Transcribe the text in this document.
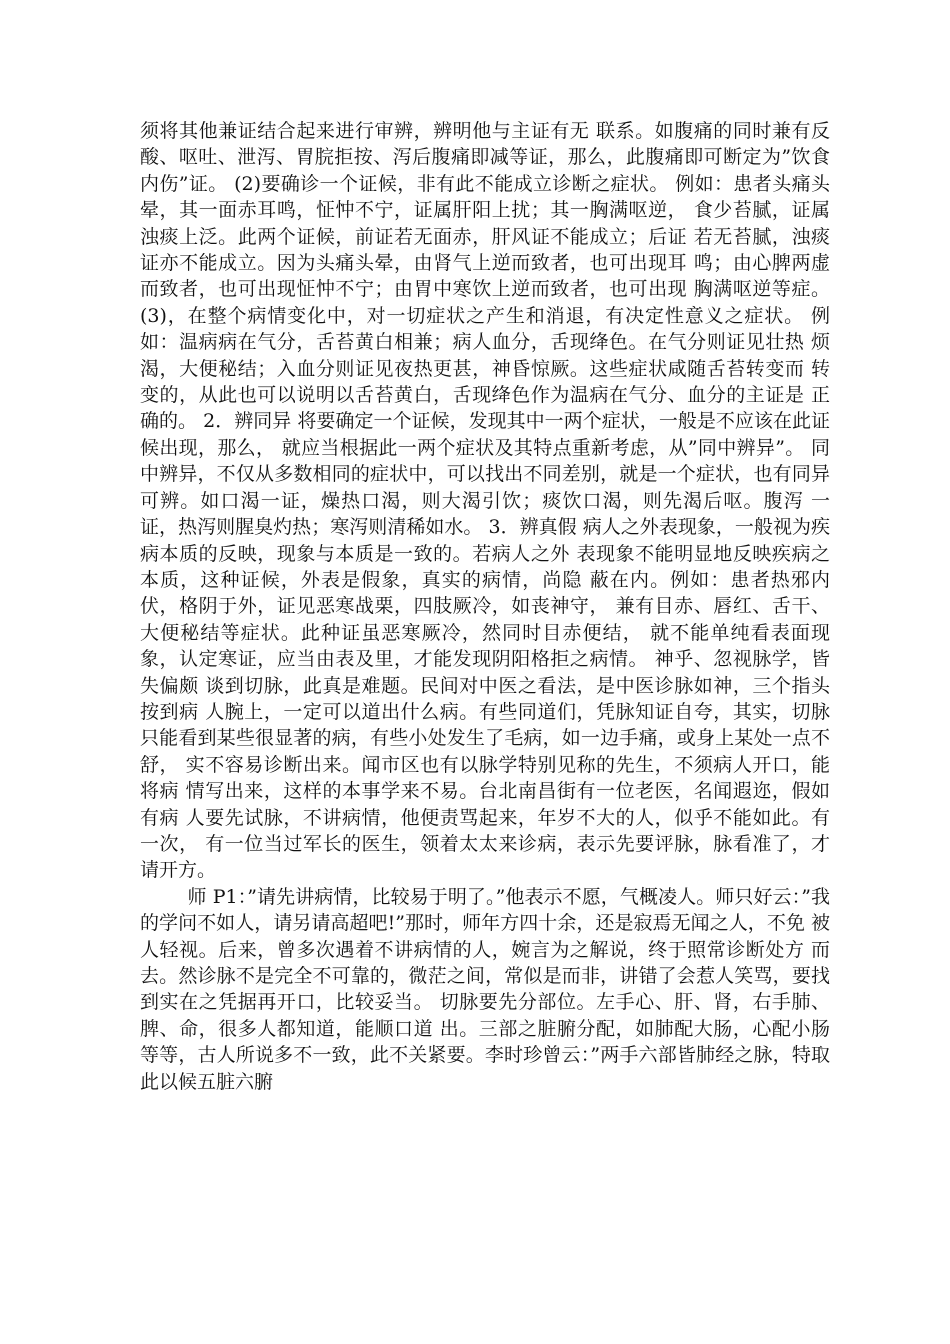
须将其他兼证结合起来进行审辨，辨明他与主证有无 联系。如腹痛的同时兼有反酸、呕吐、泄泻、胃脘拒按、泻后腹痛即减等证，那么，此腹痛即可断定为”饮食内伤”证。 (2)要确诊一个证候，非有此不能成立诊断之症状。 例如：患者头痛头晕，其一面赤耳鸣，怔忡不宁，证属肝阳上扰；其一胸满呕逆， 食少苔腻，证属浊痰上泛。此两个证候，前证若无面赤，肝风证不能成立；后证 若无苔腻，浊痰证亦不能成立。因为头痛头晕，由肾气上逆而致者，也可出现耳 鸣；由心脾两虚而致者，也可出现怔忡不宁；由胃中寒饮上逆而致者，也可出现 胸满呕逆等症。 (3)，在整个病情变化中，对一切症状之产生和消退，有决定性意义之症状。 例如：温病病在气分，舌苔黄白相兼；病人血分，舌现绛色。在气分则证见壮热 烦渴，大便秘结；入血分则证见夜热更甚，神昏惊厥。这些症状咸随舌苔转变而 转变的，从此也可以说明以舌苔黄白，舌现绛色作为温病在气分、血分的主证是 正确的。 2．辨同异 将要确定一个证候，发现其中一两个症状，一般是不应该在此证候出现，那么， 就应当根据此一两个症状及其特点重新考虑，从”同中辨异”。 同中辨异，不仅从多数相同的症状中，可以找出不同差别，就是一个症状，也有同异可辨。如口渴一证，燥热口渴，则大渴引饮；痰饮口渴，则先渴后呕。腹泻 一证，热泻则腥臭灼热；寒泻则清稀如水。 3．辨真假 病人之外表现象，一般视为疾病本质的反映，现象与本质是一致的。若病人之外 表现象不能明显地反映疾病之本质，这种证候，外表是假象，真实的病情，尚隐 蔽在内。例如：患者热邪内伏，格阴于外，证见恶寒战栗，四肢厥冷，如丧神守， 兼有目赤、唇红、舌干、大便秘结等症状。此种证虽恶寒厥冷，然同时目赤便结， 就不能单纯看表面现象，认定寒证，应当由表及里，才能发现阴阳格拒之病情。 神乎、忽视脉学，皆失偏颇 谈到切脉，此真是难题。民间对中医之看法，是中医诊脉如神，三个指头按到病 人腕上，一定可以道出什么病。有些同道们，凭脉知证自夸，其实，切脉只能看到某些很显著的病，有些小处发生了毛病，如一边手痛，或身上某处一点不舒， 实不容易诊断出来。闻市区也有以脉学特别见称的先生，不须病人开口，能将病 情写出来，这样的本事学来不易。台北南昌街有一位老医，名闻遐迩，假如有病 人要先试脉，不讲病情，他便责骂起来，年岁不大的人，似乎不能如此。有一次， 有一位当过军长的医生，领着太太来诊病，表示先要评脉，脉看准了，才请开方。

师 P1：”请先讲病情，比较易于明了。”他表示不愿，气概凌人。师只好云：”我 的学问不如人，请另请高超吧!”那时，师年方四十余，还是寂焉无闻之人，不免 被人轻视。后来，曾多次遇着不讲病情的人，婉言为之解说，终于照常诊断处方 而去。然诊脉不是完全不可靠的，微茫之间，常似是而非，讲错了会惹人笑骂，要找到实在之凭据再开口，比较妥当。 切脉要先分部位。左手心、肝、肾，右手肺、脾、命，很多人都知道，能顺口道 出。三部之脏腑分配，如肺配大肠，心配小肠等等，古人所说多不一致，此不关紧要。李时珍曾云：”两手六部皆肺经之脉，特取此以候五脏六腑
